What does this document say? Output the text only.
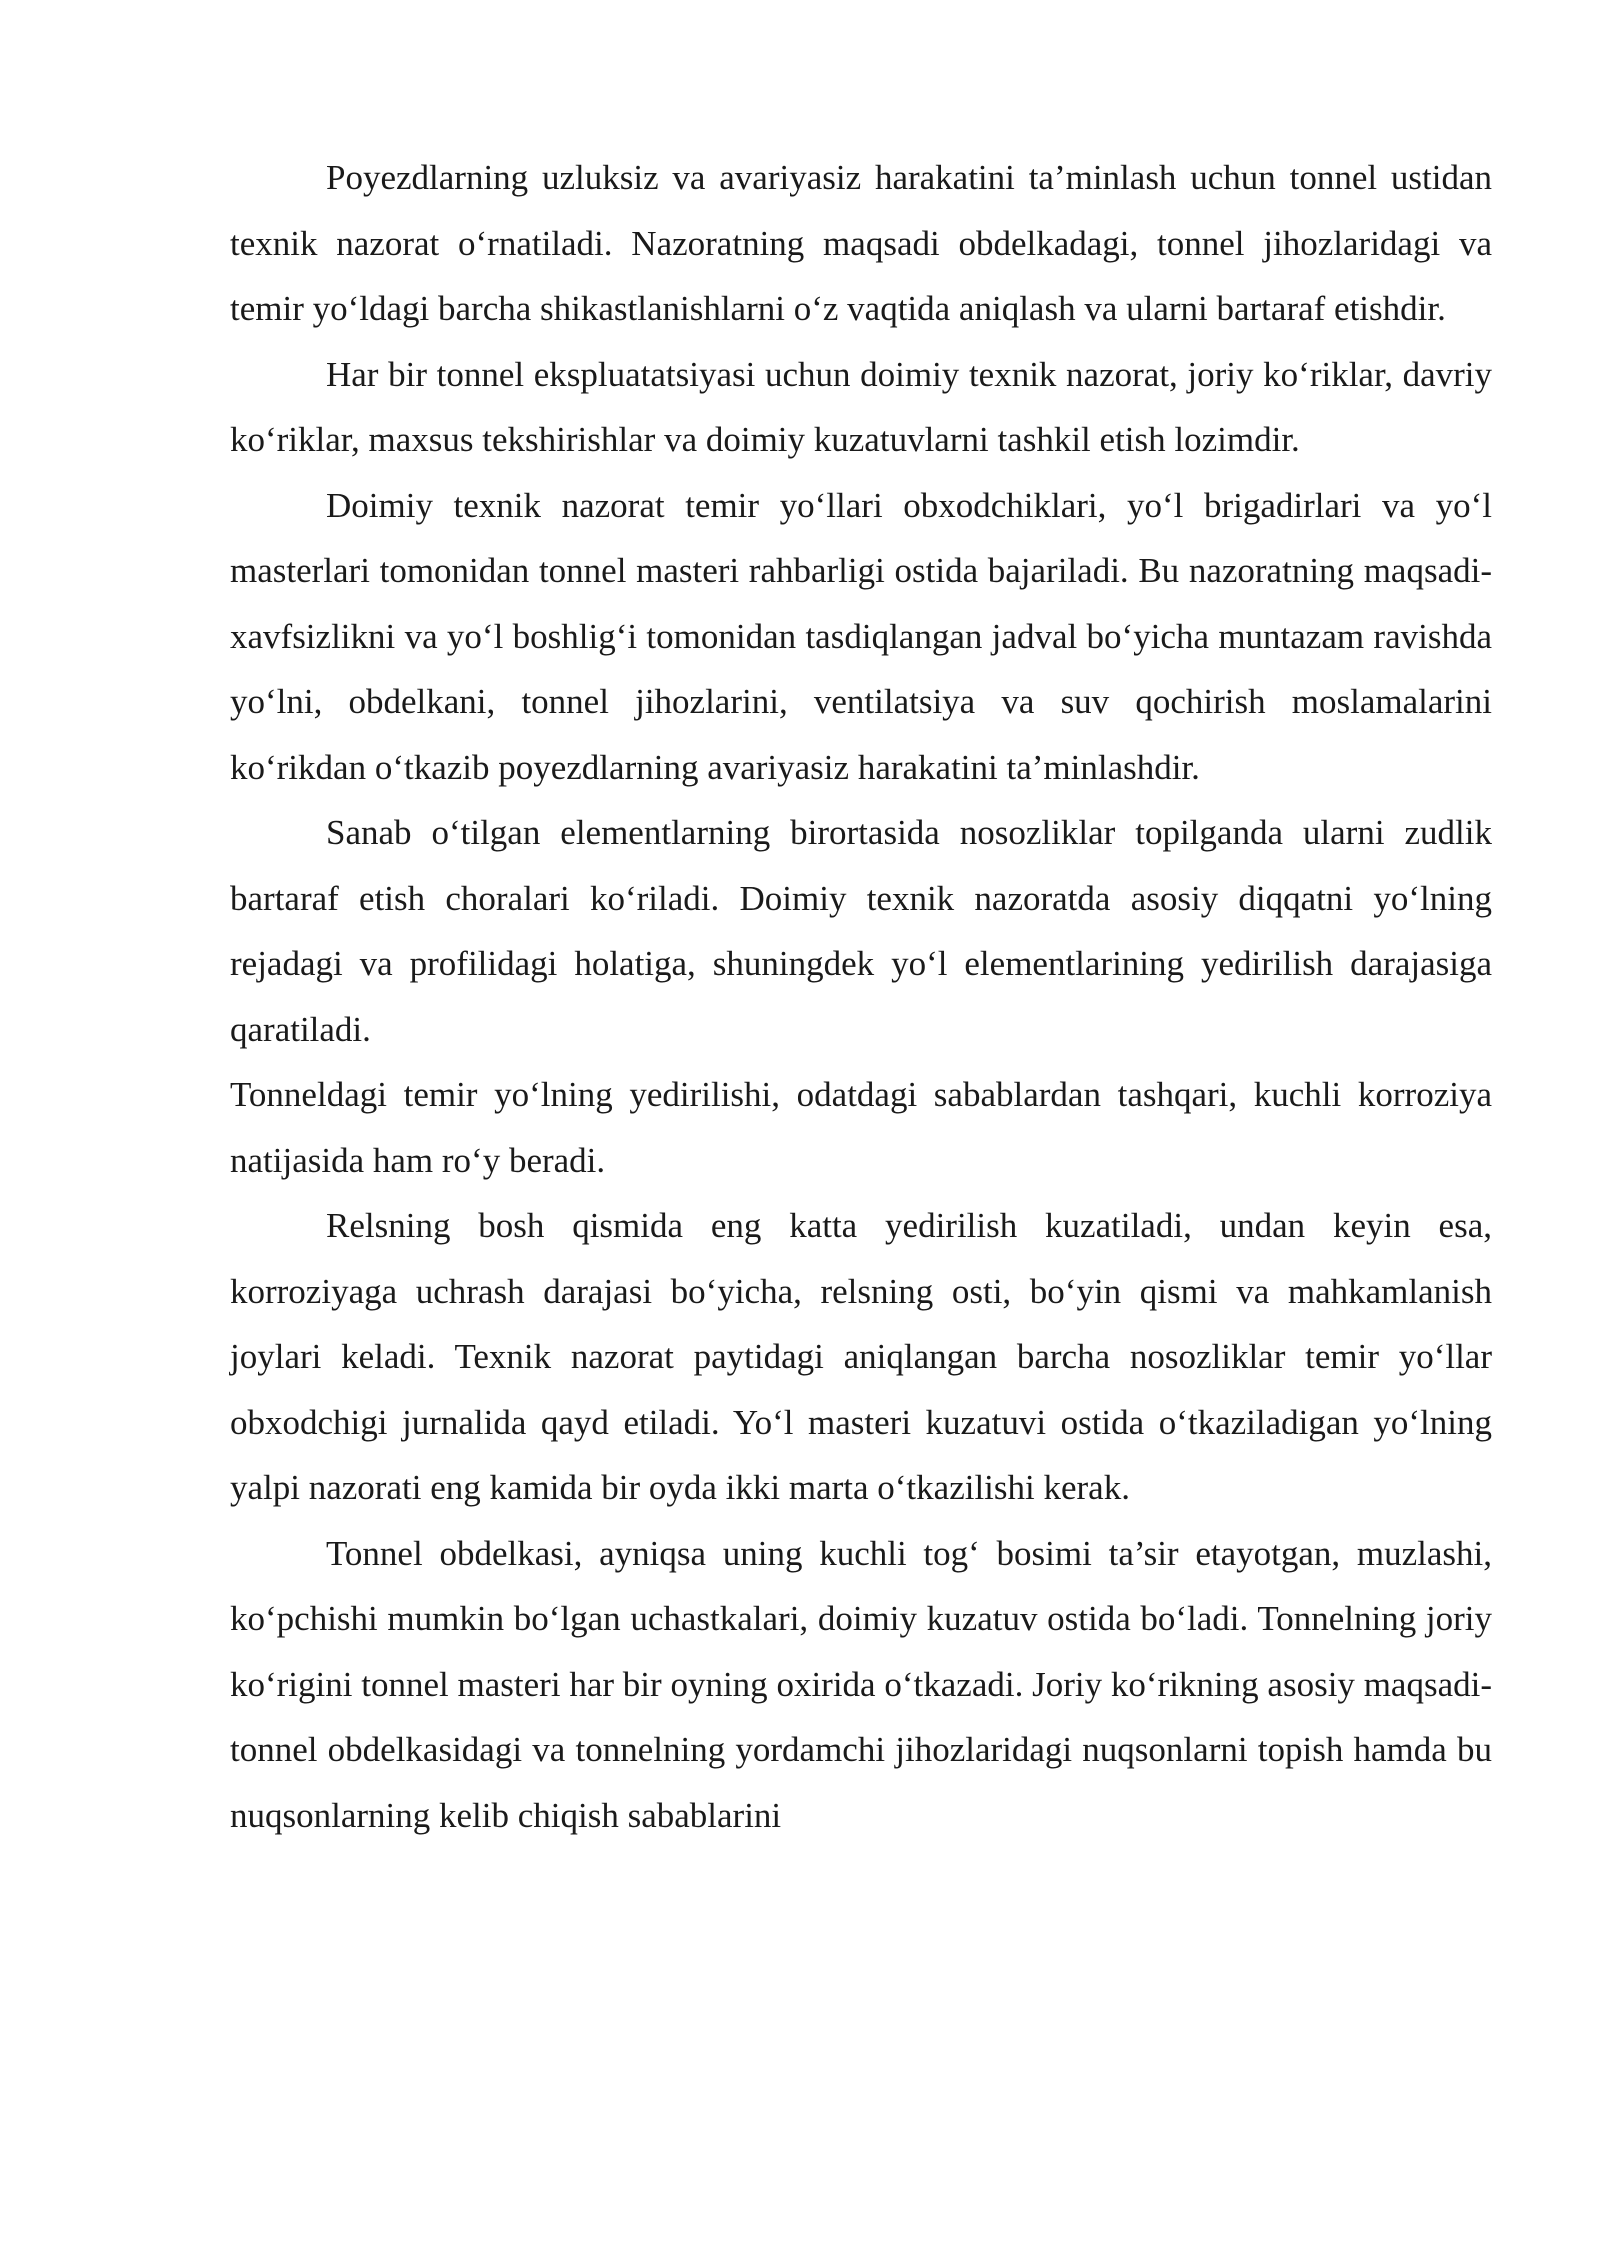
Poyezdlarning uzluksiz va avariyasiz harakatini ta’minlash uchun tonnel ustidan texnik nazorat o‘rnatiladi. Nazoratning maqsadi obdelkadagi, tonnel jihozlaridagi va temir yo‘ldagi barcha shikastlanishlarni o‘z vaqtida aniqlash va ularni bartaraf etishdir.

Har bir tonnel ekspluatatsiyasi uchun doimiy texnik nazorat, joriy ko‘riklar, davriy ko‘riklar, maxsus tekshirishlar va doimiy kuzatuvlarni tashkil etish lozimdir.

Doimiy texnik nazorat temir yo‘llari obxodchiklari, yo‘l brigadirlari va yo‘l masterlari tomonidan tonnel masteri rahbarligi ostida bajariladi. Bu nazoratning maqsadi-xavfsizlikni va yo‘l boshlig‘i tomonidan tasdiqlangan jadval bo‘yicha muntazam ravishda yo‘lni, obdelkani, tonnel jihozlarini, ventilatsiya va suv qochirish moslamalarini ko‘rikdan o‘tkazib poyezdlarning avariyasiz harakatini ta’minlashdir.

Sanab o‘tilgan elementlarning birortasida nosozliklar topilganda ularni zudlik bartaraf etish choralari ko‘riladi. Doimiy texnik nazoratda asosiy diqqatni yo‘lning rejadagi va profilidagi holatiga, shuningdek yo‘l elementlarining yedirilish darajasiga qaratiladi.

Tonneldagi temir yo‘lning yedirilishi, odatdagi sabablardan tashqari, kuchli korroziya natijasida ham ro‘y beradi.

Relsning bosh qismida eng katta yedirilish kuzatiladi, undan keyin esa, korroziyaga uchrash darajasi bo‘yicha, relsning osti, bo‘yin qismi va mahkamlanish joylari keladi. Texnik nazorat paytidagi aniqlangan barcha nosozliklar temir yo‘llar obxodchigi jurnalida qayd etiladi. Yo‘l masteri kuzatuvi ostida o‘tkaziladigan yo‘lning yalpi nazorati eng kamida bir oyda ikki marta o‘tkazilishi kerak.

Tonnel obdelkasi, ayniqsa uning kuchli tog‘ bosimi ta’sir etayotgan, muzlashi, ko‘pchishi mumkin bo‘lgan uchastkalari, doimiy kuzatuv ostida bo‘ladi. Tonnelning joriy ko‘rigini tonnel masteri har bir oyning oxirida o‘tkazadi. Joriy ko‘rikning asosiy maqsadi-tonnel obdelkasidagi va tonnelning yordamchi jihozlaridagi nuqsonlarni topish hamda bu nuqsonlarning kelib chiqish sabablarini
